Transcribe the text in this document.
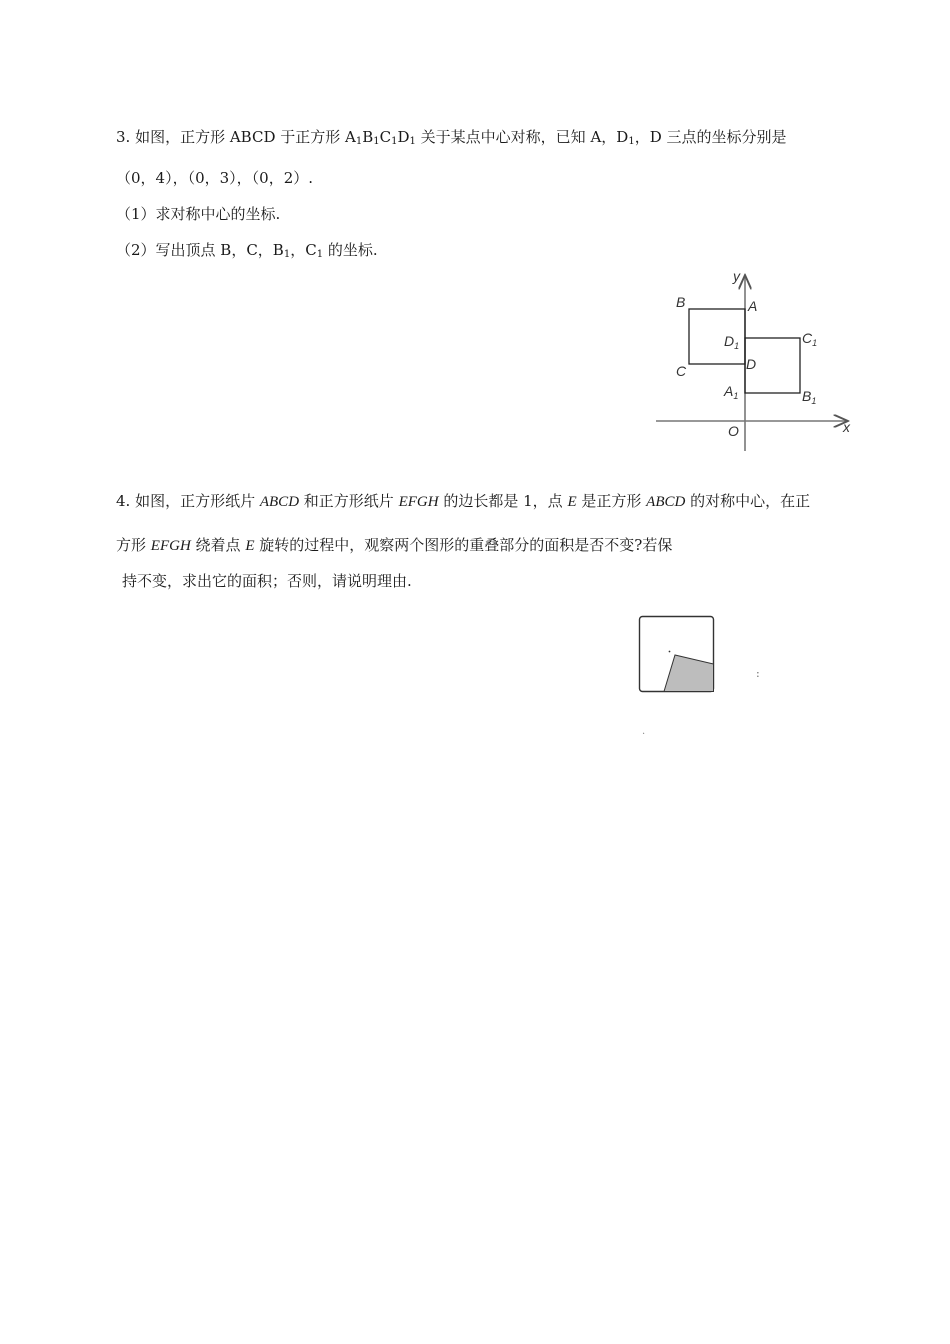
3. 如图，正方形 ABCD 于正方形 $A_1B_1C_1D_1$ 关于某点中心对称，已知 A，$D_1$，D 三点的坐标分别是
（0，4），（0，3），（0，2）.
（1）求对称中心的坐标.
（2）写出顶点 B，C，$B_1$，$C_1$ 的坐标.
y
x
O
A
B
C	D
$D_1$	$C_1$
$A_1$	$B_1$
4. 如图，正方形纸片 ABCD 和正方形纸片 EFGH 的边长都是 1，点 E 是正方形 ABCD 的对称中心，在正
方形 EFGH 绕着点 E 旋转的过程中，观察两个图形的重叠部分的面积是否不变?若保
持不变，求出它的面积；否则，请说明理由.
:
.
